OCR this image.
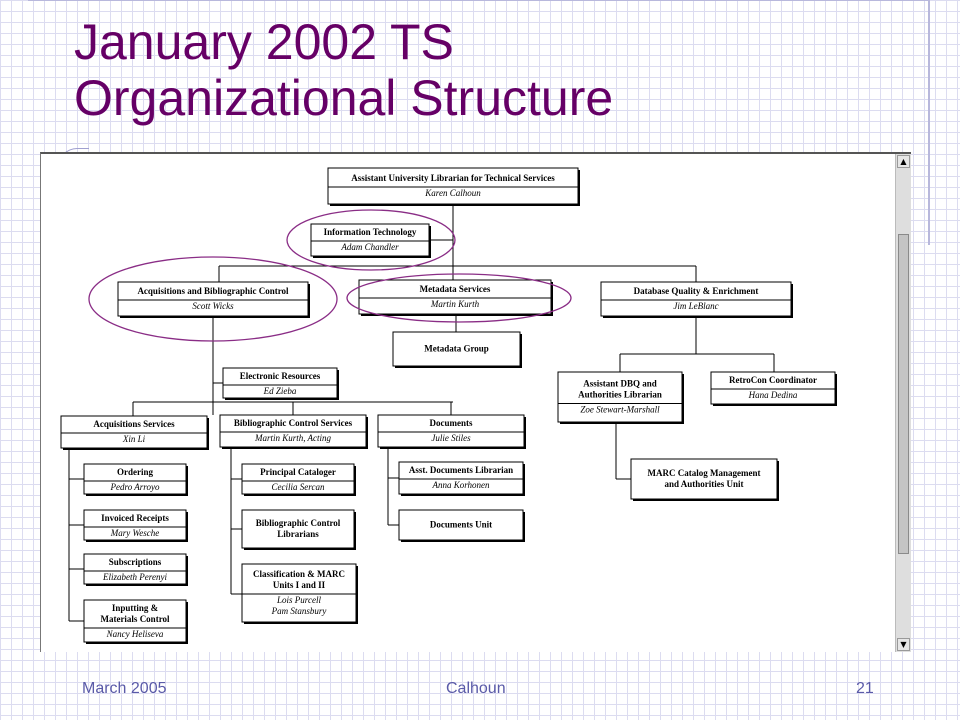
January 2002 TS
Organizational Structure
Assistant University Librarian for Technical Services
Karen Calhoun
Information Technology
Adam Chandler
Acquisitions and Bibliographic Control
Scott Wicks
Metadata Services
Martin Kurth
Database Quality & Enrichment
Jim LeBlanc
Metadata Group
Electronic Resources
Ed Zieba
Acquisitions Services
Xin Li
Bibliographic Control Services
Martin Kurth, Acting
Documents
Julie Stiles
Assistant DBQ and
Authorities Librarian
Zoe Stewart-Marshall
RetroCon Coordinator
Hana Dedina
Ordering
Pedro Arroyo
Invoiced Receipts
Mary Wesche
Subscriptions
Elizabeth Perenyi
Inputting &
Materials Control
Nancy Heliseva
Principal Cataloger
Cecilia Sercan
Bibliographic Control
Librarians
Classification & MARC
Units I and II
Lois Purcell
Pam Stansbury
Asst. Documents Librarian
Anna Korhonen
Documents Unit
MARC Catalog Management
and Authorities Unit
▲
▼
March 2005	Calhoun	21
